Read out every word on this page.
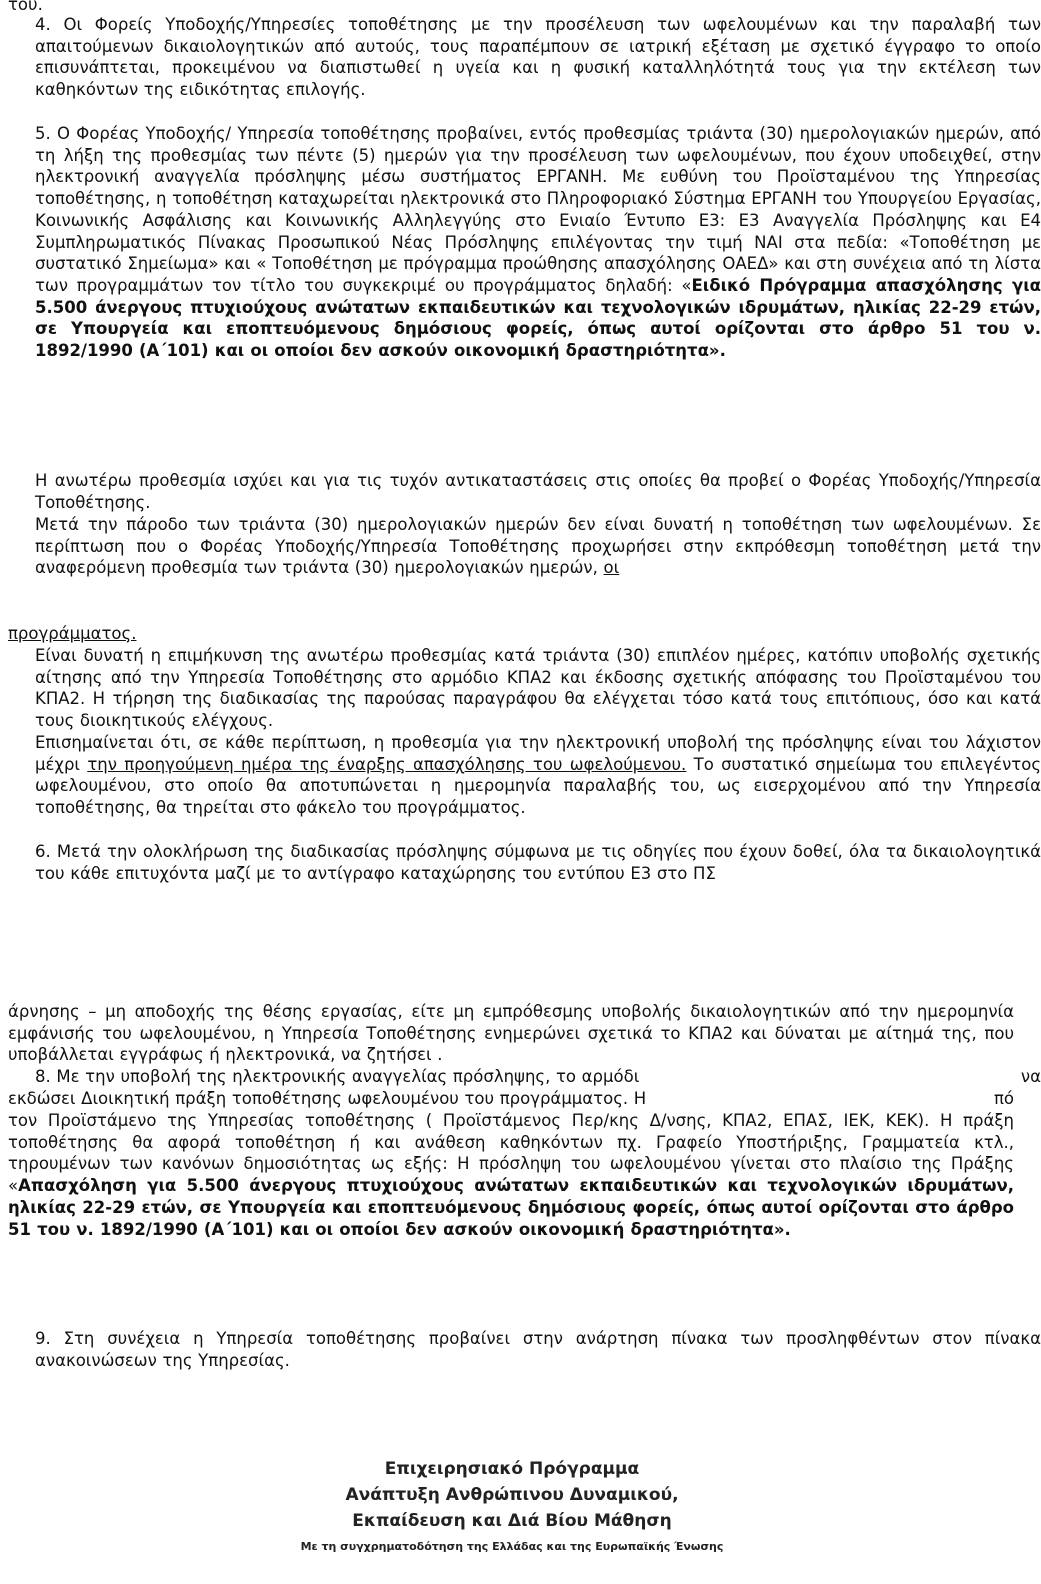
του.

4. Οι Φορείς Υποδοχής/Υπηρεσίες τοποθέτησης με την προσέλευση των ωφελουμένων και την παραλαβή των απαιτούμενων δικαιολογητικών από αυτούς, τους παραπέμπουν σε ιατρική εξέταση με σχετικό έγγραφο το οποίο επισυνάπτεται, προκειμένου να διαπιστωθεί η υγεία και η φυσική καταλληλότητά τους για την εκτέλεση των καθηκόντων της ειδικότητας επιλογής.

5. Ο Φορέας Υποδοχής/ Υπηρεσία τοποθέτησης προβαίνει, εντός προθεσμίας τριάντα (30) ημερολογιακών ημερών, από τη λήξη της προθεσμίας των πέντε (5) ημερών για την προσέλευση των ωφελουμένων, που έχουν υποδειχθεί, στην ηλεκτρονική αναγγελία πρόσληψης μέσω συστήματος ΕΡΓΑΝΗ. Με ευθύνη του Προϊσταμένου της Υπηρεσίας τοποθέτησης, η τοποθέτηση καταχωρείται ηλεκτρονικά στο Πληροφοριακό Σύστημα ΕΡΓΑΝΗ του Υπουργείου Εργασίας, Κοινωνικής Ασφάλισης και Κοινωνικής Αλληλεγγύης στο Ενιαίο Έντυπο Ε3: Ε3 Αναγγελία Πρόσληψης και Ε4 Συμπληρωματικός Πίνακας Προσωπικού Νέας Πρόσληψης επιλέγοντας την τιμή ΝΑΙ στα πεδία: «Τοποθέτηση με συστατικό Σημείωμα» και « Τοποθέτηση με πρόγραμμα προώθησης απασχόλησης ΟΑΕΔ» και στη συνέχεια από τη λίστα των προγραμμάτων τον τίτλο του συγκεκριμέ ου προγράμματος δηλαδή: «Ειδικό Πρόγραμμα απασχόλησης για 5.500 άνεργους πτυχιούχους ανώτατων εκπαιδευτικών και τεχνολογικών ιδρυμάτων, ηλικίας 22-29 ετών, σε Υπουργεία και εποπτευόμενους δημόσιους φορείς, όπως αυτοί ορίζονται στο άρθρο 51 του ν. 1892/1990 (Α΄101) και οι οποίοι δεν ασκούν οικονομική δραστηριότητα».

Η ανωτέρω προθεσμία ισχύει και για τις τυχόν αντικαταστάσεις στις οποίες θα προβεί ο Φορέας Υποδοχής/Υπηρεσία Τοποθέτησης.

Μετά την πάροδο των τριάντα (30) ημερολογιακών ημερών δεν είναι δυνατή η τοποθέτηση των ωφελουμένων. Σε περίπτωση που ο Φορέας Υποδοχής/Υπηρεσία Τοποθέτησης προχωρήσει στην εκπρόθεσμη τοποθέτηση μετά την αναφερόμενη προθεσμία των τριάντα (30) ημερολογιακών ημερών, οι

προγράμματος.

Είναι δυνατή η επιμήκυνση της ανωτέρω προθεσμίας κατά τριάντα (30) επιπλέον ημέρες, κατόπιν υποβολής σχετικής αίτησης από την Υπηρεσία Τοποθέτησης στο αρμόδιο ΚΠΑ2 και έκδοσης σχετικής απόφασης του Προϊσταμένου του ΚΠΑ2. Η τήρηση της διαδικασίας της παρούσας παραγράφου θα ελέγχεται τόσο κατά τους επιτόπιους, όσο και κατά τους διοικητικούς ελέγχους.

Επισημαίνεται ότι, σε κάθε περίπτωση, η προθεσμία για την ηλεκτρονική υποβολή της πρόσληψης είναι του λάχιστον μέχρι την προηγούμενη ημέρα της έναρξης απασχόλησης του ωφελούμενου. Το συστατικό σημείωμα του επιλεγέντος ωφελουμένου, στο οποίο θα αποτυπώνεται η ημερομηνία παραλαβής του, ως εισερχομένου από την Υπηρεσία τοποθέτησης, θα τηρείται στο φάκελο του προγράμματος.

6. Μετά την ολοκλήρωση της διαδικασίας πρόσληψης σύμφωνα με τις οδηγίες που έχουν δοθεί, όλα τα δικαιολογητικά του κάθε επιτυχόντα μαζί με το αντίγραφο καταχώρησης του εντύπου Ε3 στο ΠΣ

άρνησης – μη αποδοχής της θέσης εργασίας, είτε μη εμπρόθεσμης υποβολής δικαιολογητικών από την ημερομηνία εμφάνισής του ωφελουμένου, η Υπηρεσία Τοποθέτησης ενημερώνει σχετικά το ΚΠΑ2 και δύναται με αίτημά της, που υποβάλλεται εγγράφως ή ηλεκτρονικά, να ζητήσει .

8. Με την υποβολή της ηλεκτρονικής αναγγελίας πρόσληψης, το αρμόδι	να
εκδώσει Διοικητική πράξη τοποθέτησης ωφελουμένου του προγράμματος. Η	πό

τον Προϊστάμενο της Υπηρεσίας τοποθέτησης ( Προϊστάμενος Περ/κης Δ/νσης, ΚΠΑ2, ΕΠΑΣ, ΙΕΚ, ΚΕΚ). Η πράξη τοποθέτησης θα αφορά τοποθέτηση ή και ανάθεση καθηκόντων πχ. Γραφείο Υποστήριξης, Γραμματεία κτλ., τηρουμένων των κανόνων δημοσιότητας ως εξής: Η πρόσληψη του ωφελουμένου γίνεται στο πλαίσιο της Πράξης «Απασχόληση για 5.500 άνεργους πτυχιούχους ανώτατων εκπαιδευτικών και τεχνολογικών ιδρυμάτων, ηλικίας 22-29 ετών, σε Υπουργεία και εποπτευόμενους δημόσιους φορείς, όπως αυτοί ορίζονται στο άρθρο 51 του ν. 1892/1990 (Α΄101) και οι οποίοι δεν ασκούν οικονομική δραστηριότητα».

9. Στη συνέχεια η Υπηρεσία τοποθέτησης προβαίνει στην ανάρτηση πίνακα των προσληφθέντων στον πίνακα ανακοινώσεων της Υπηρεσίας.

Επιχειρησιακό Πρόγραμμα
Ανάπτυξη Ανθρώπινου Δυναμικού,
Εκπαίδευση και Διά Βίου Μάθηση
Με τη συγχρηματοδότηση της Ελλάδας και της Ευρωπαϊκής Ένωσης
